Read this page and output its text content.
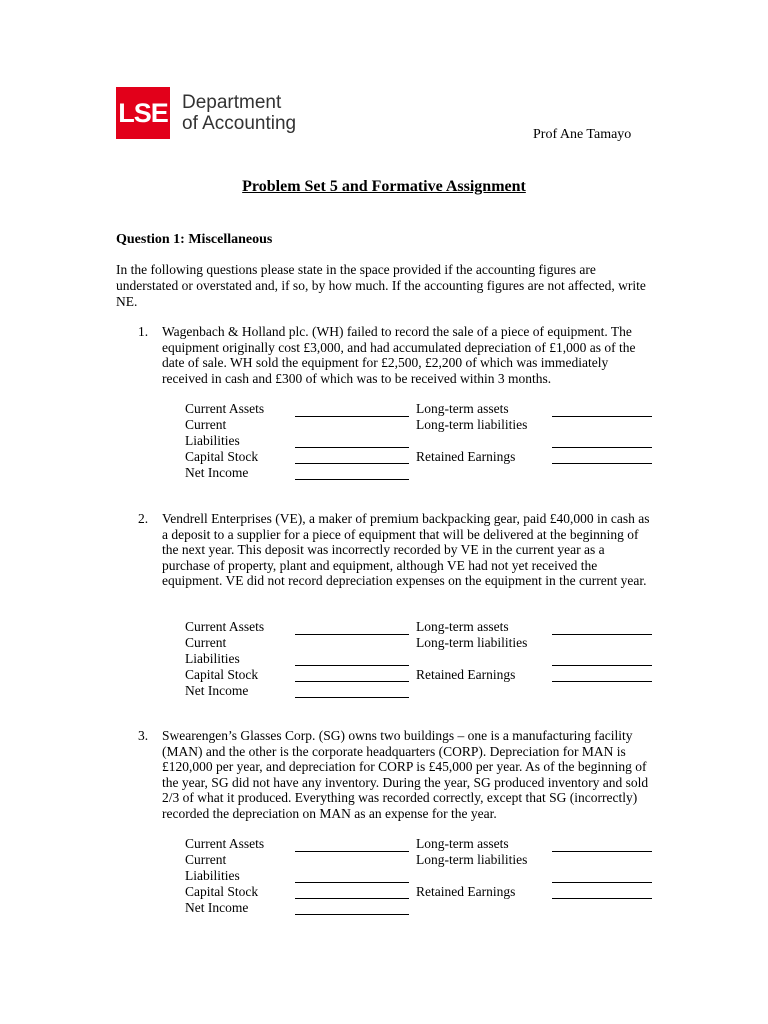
LSE Department
of Accounting
Prof Ane Tamayo
Problem Set 5 and Formative Assignment
Question 1: Miscellaneous
In the following questions please state in the space provided if the accounting figures are understated or overstated and, if so, by how much. If the accounting figures are not affected, write NE.
1. Wagenbach & Holland plc. (WH) failed to record the sale of a piece of equipment. The equipment originally cost £3,000, and had accumulated depreciation of £1,000 as of the date of sale. WH sold the equipment for £2,500, £2,200 of which was immediately received in cash and £300 of which was to be received within 3 months.
Current Assets
Current
Liabilities
Capital Stock
Net Income
Long-term assets
Long-term liabilities
Retained Earnings
2. Vendrell Enterprises (VE), a maker of premium backpacking gear, paid £40,000 in cash as a deposit to a supplier for a piece of equipment that will be delivered at the beginning of the next year. This deposit was incorrectly recorded by VE in the current year as a purchase of property, plant and equipment, although VE had not yet received the equipment. VE did not record depreciation expenses on the equipment in the current year.
Current Assets
Current
Liabilities
Capital Stock
Net Income
Long-term assets
Long-term liabilities
Retained Earnings
3. Swearengen’s Glasses Corp. (SG) owns two buildings – one is a manufacturing facility (MAN) and the other is the corporate headquarters (CORP). Depreciation for MAN is £120,000 per year, and depreciation for CORP is £45,000 per year. As of the beginning of the year, SG did not have any inventory. During the year, SG produced inventory and sold 2/3 of what it produced. Everything was recorded correctly, except that SG (incorrectly) recorded the depreciation on MAN as an expense for the year.
Current Assets
Current
Liabilities
Capital Stock
Net Income
Long-term assets
Long-term liabilities
Retained Earnings
